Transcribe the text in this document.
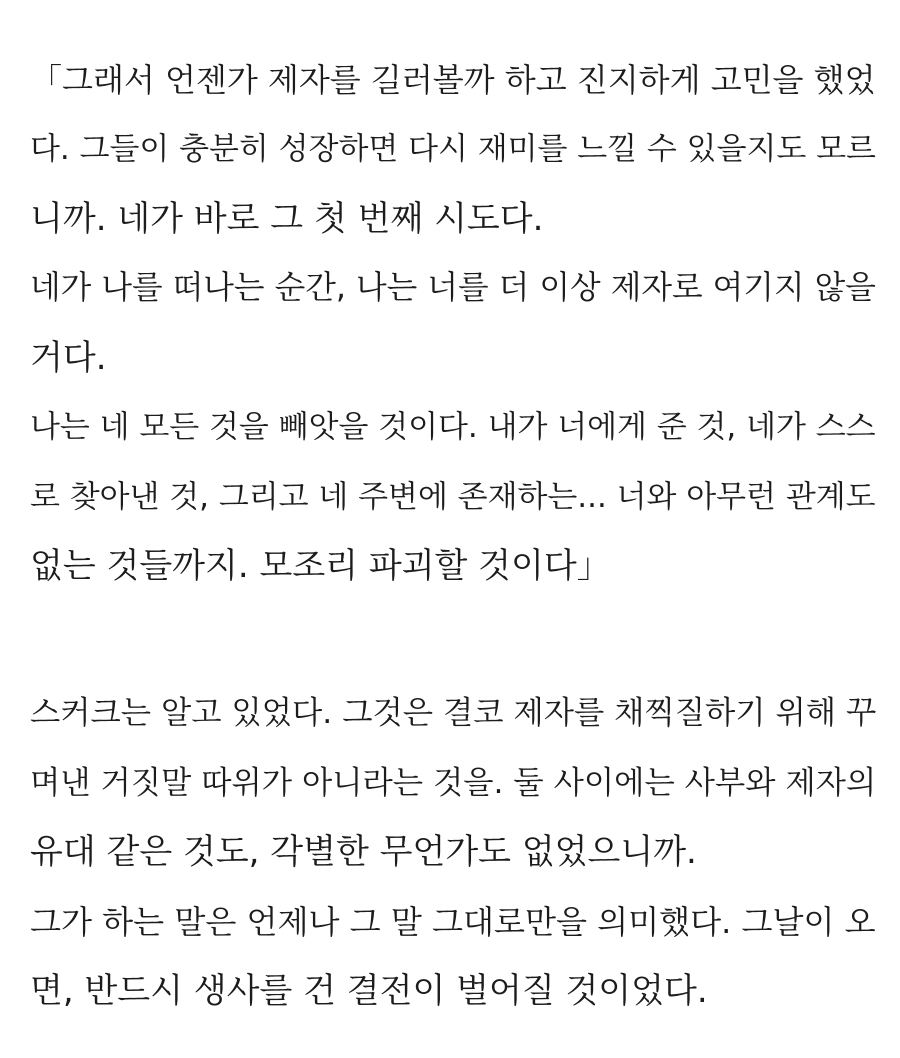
「그래서 언젠가 제자를 길러볼까 하고 진지하게 고민을 했었
다. 그들이 충분히 성장하면 다시 재미를 느낄 수 있을지도 모르
니까. 네가 바로 그 첫 번째 시도다.
네가 나를 떠나는 순간, 나는 너를 더 이상 제자로 여기지 않을
거다.
나는 네 모든 것을 빼앗을 것이다. 내가 너에게 준 것, 네가 스스
로 찾아낸 것, 그리고 네 주변에 존재하는... 너와 아무런 관계도
없는 것들까지. 모조리 파괴할 것이다」
스커크는 알고 있었다. 그것은 결코 제자를 채찍질하기 위해 꾸
며낸 거짓말 따위가 아니라는 것을. 둘 사이에는 사부와 제자의
유대 같은 것도, 각별한 무언가도 없었으니까.
그가 하는 말은 언제나 그 말 그대로만을 의미했다. 그날이 오
면, 반드시 생사를 건 결전이 벌어질 것이었다.
